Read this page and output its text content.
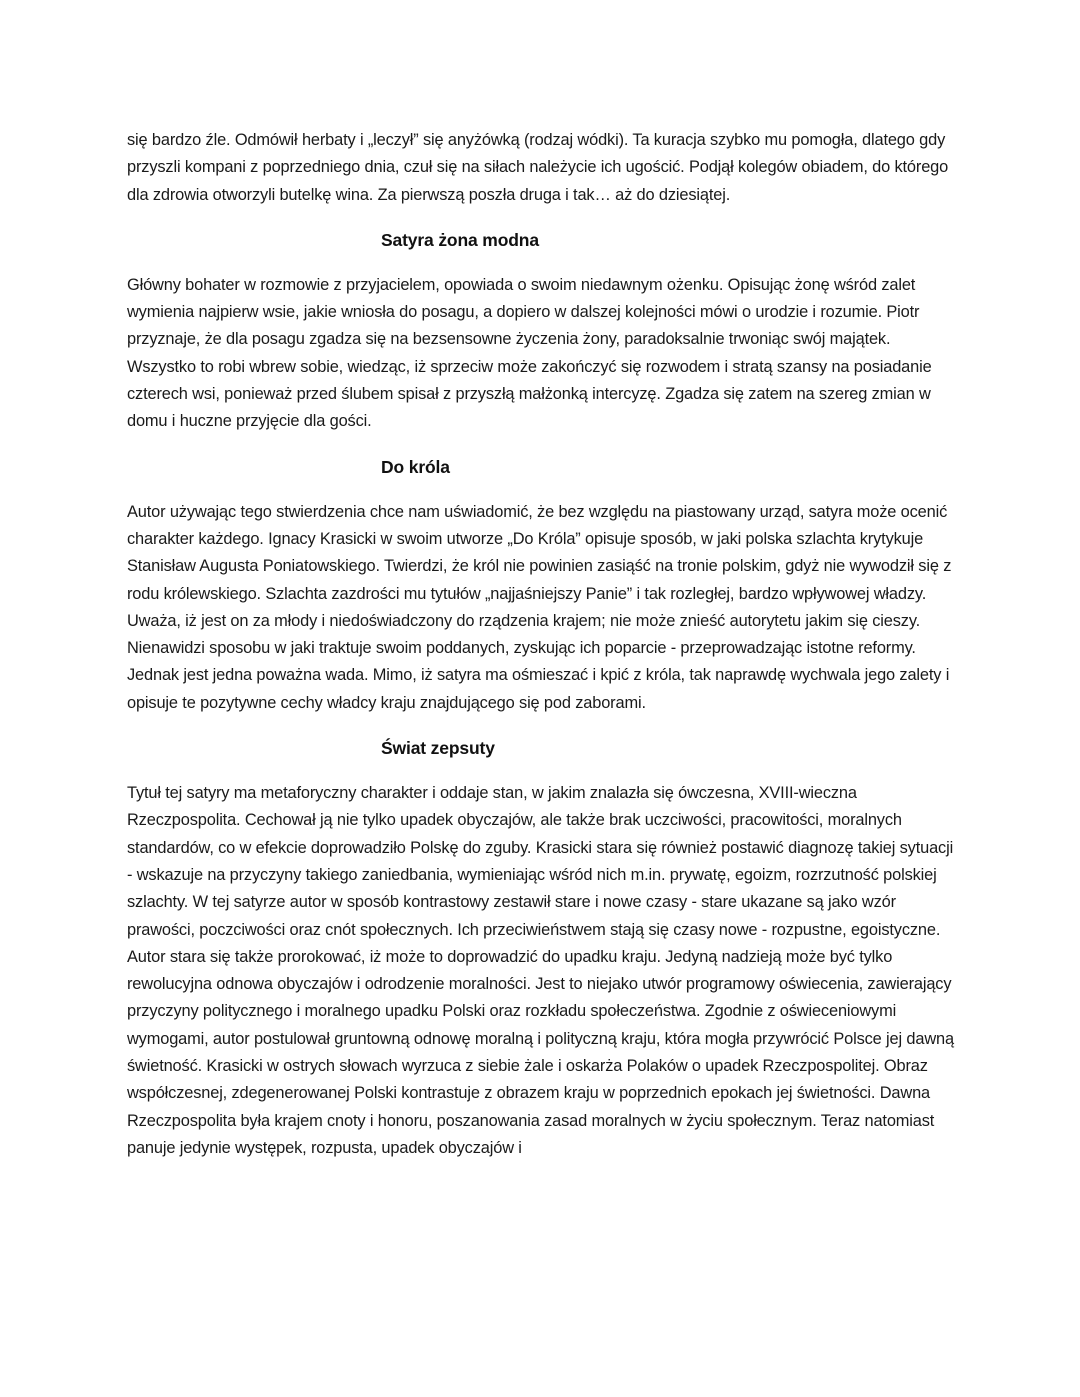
się bardzo źle. Odmówił herbaty i „leczył” się anyżówką (rodzaj wódki). Ta kuracja szybko mu pomogła, dlatego gdy przyszli kompani z poprzedniego dnia, czuł się na siłach należycie ich ugościć. Podjął kolegów obiadem, do którego dla zdrowia otworzyli butelkę wina. Za pierwszą poszła druga i tak… aż do dziesiątej.

Satyra żona modna

Główny bohater w rozmowie z przyjacielem, opowiada o swoim niedawnym ożenku. Opisując żonę wśród zalet wymienia najpierw wsie, jakie wniosła do posagu, a dopiero w dalszej kolejności mówi o urodzie i rozumie. Piotr przyznaje, że dla posagu zgadza się na bezsensowne życzenia żony, paradoksalnie trwoniąc swój majątek. Wszystko to robi wbrew sobie, wiedząc, iż sprzeciw może zakończyć się rozwodem i stratą szansy na posiadanie czterech wsi, ponieważ przed ślubem spisał z przyszłą małżonką intercyzę. Zgadza się zatem na szereg zmian w domu i huczne przyjęcie dla gości.

Do króla

Autor używając tego stwierdzenia chce nam uświadomić, że bez względu na piastowany urząd, satyra może ocenić charakter każdego. Ignacy Krasicki w swoim utworze „Do Króla” opisuje sposób, w jaki polska szlachta krytykuje Stanisław Augusta Poniatowskiego. Twierdzi, że król nie powinien zasiąść na tronie polskim, gdyż nie wywodził się z rodu królewskiego. Szlachta zazdrości mu tytułów „najjaśniejszy Panie” i tak rozległej, bardzo wpływowej władzy. Uważa, iż jest on za młody i niedoświadczony do rządzenia krajem; nie może znieść autorytetu jakim się cieszy. Nienawidzi sposobu w jaki traktuje swoim poddanych, zyskując ich poparcie - przeprowadzając istotne reformy. Jednak jest jedna poważna wada. Mimo, iż satyra ma ośmieszać i kpić z króla, tak naprawdę wychwala jego zalety i opisuje te pozytywne cechy władcy kraju znajdującego się pod zaborami.

Świat zepsuty

Tytuł tej satyry ma metaforyczny charakter i oddaje stan, w jakim znalazła się ówczesna, XVIII-wieczna Rzeczpospolita. Cechował ją nie tylko upadek obyczajów, ale także brak uczciwości, pracowitości, moralnych standardów, co w efekcie doprowadziło Polskę do zguby. Krasicki stara się również postawić diagnozę takiej sytuacji - wskazuje na przyczyny takiego zaniedbania, wymieniając wśród nich m.in. prywatę, egoizm, rozrzutność polskiej szlachty. W tej satyrze autor w sposób kontrastowy zestawił stare i nowe czasy - stare ukazane są jako wzór prawości, poczciwości oraz cnót społecznych. Ich przeciwieństwem stają się czasy nowe - rozpustne, egoistyczne. Autor stara się także prorokować, iż może to doprowadzić do upadku kraju. Jedyną nadzieją może być tylko rewolucyjna odnowa obyczajów i odrodzenie moralności. Jest to niejako utwór programowy oświecenia, zawierający przyczyny politycznego i moralnego upadku Polski oraz rozkładu społeczeństwa. Zgodnie z oświeceniowymi wymogami, autor postulował gruntowną odnowę moralną i polityczną kraju, która mogła przywrócić Polsce jej dawną świetność. Krasicki w ostrych słowach wyrzuca z siebie żale i oskarża Polaków o upadek Rzeczpospolitej. Obraz współczesnej, zdegenerowanej Polski kontrastuje z obrazem kraju w poprzednich epokach jej świetności. Dawna Rzeczpospolita była krajem cnoty i honoru, poszanowania zasad moralnych w życiu społecznym. Teraz natomiast panuje jedynie występek, rozpusta, upadek obyczajów i
